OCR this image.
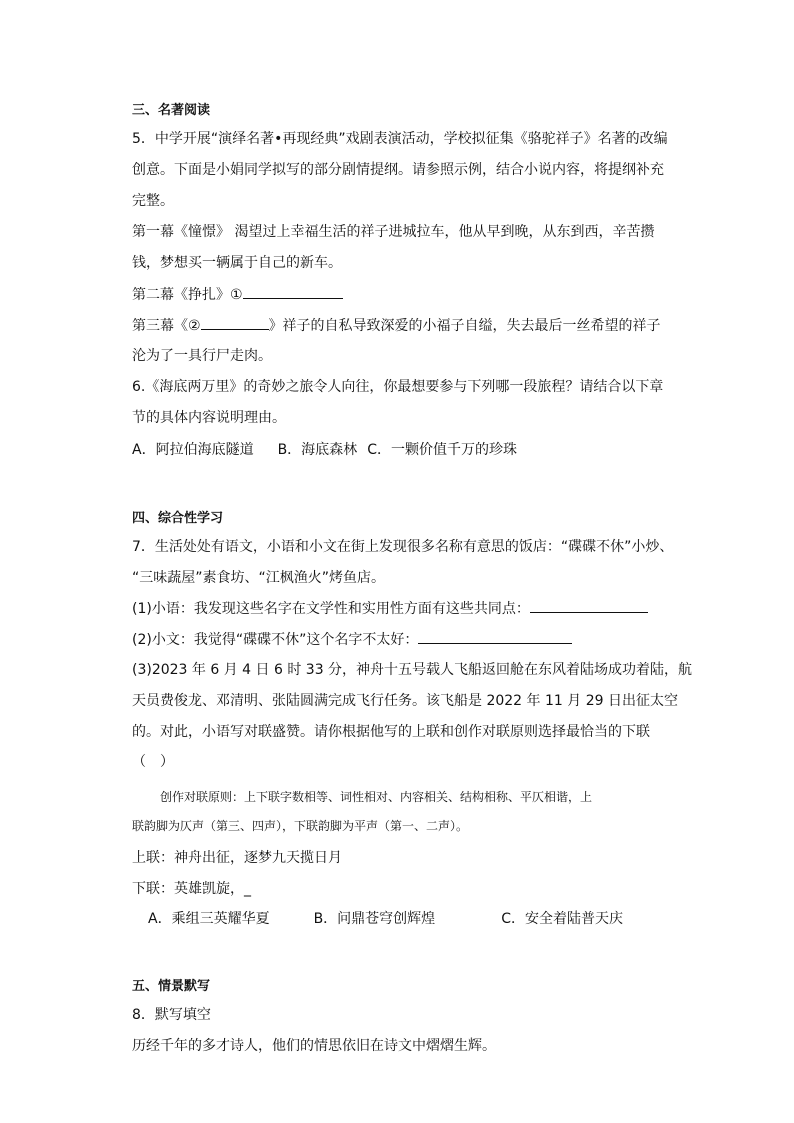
三、名著阅读
5．中学开展“演绎名著•再现经典”戏剧表演活动，学校拟征集《骆驼祥子》名著的改编
创意。下面是小娟同学拟写的部分剧情提纲。请参照示例，结合小说内容，将提纲补充
完整。
第一幕《憧憬》 渴望过上幸福生活的祥子进城拉车，他从早到晚，从东到西，辛苦攒
钱，梦想买一辆属于自己的新车。
第二幕《挣扎》①
第三幕《②	》祥子的自私导致深爱的小福子自缢，失去最后一丝希望的祥子
沦为了一具行尸走肉。
6.《海底两万里》的奇妙之旅令人向往，你最想要参与下列哪一段旅程？请结合以下章
节的具体内容说明理由。
A．阿拉伯海底隧道 B．海底森林 C．一颗价值千万的珍珠
四、综合性学习
7．生活处处有语文，小语和小文在街上发现很多名称有意思的饭店：“碟碟不休”小炒、
“三味蔬屋”素食坊、“江枫渔火”烤鱼店。
(1)小语：我发现这些名字在文学性和实用性方面有这些共同点：
(2)小文：我觉得“碟碟不休”这个名字不太好：
(3)2023 年 6 月 4 日 6 时 33 分，神舟十五号载人飞船返回舱在东风着陆场成功着陆，航
天员费俊龙、邓清明、张陆圆满完成飞行任务。该飞船是 2022 年 11 月 29 日出征太空
的。对此，小语写对联盛赞。请你根据他写的上联和创作对联原则选择最恰当的下联
（　）
创作对联原则：上下联字数相等、词性相对、内容相关、结构相称、平仄相谐，上
联韵脚为仄声（第三、四声），下联韵脚为平声（第一、二声）。
上联：神舟出征，逐梦九天揽日月
下联：英雄凯旋，_
A．乘组三英耀华夏	B．问鼎苍穹创辉煌	C．安全着陆普天庆
五、情景默写
8．默写填空
历经千年的多才诗人，他们的情思依旧在诗文中熠熠生辉。
